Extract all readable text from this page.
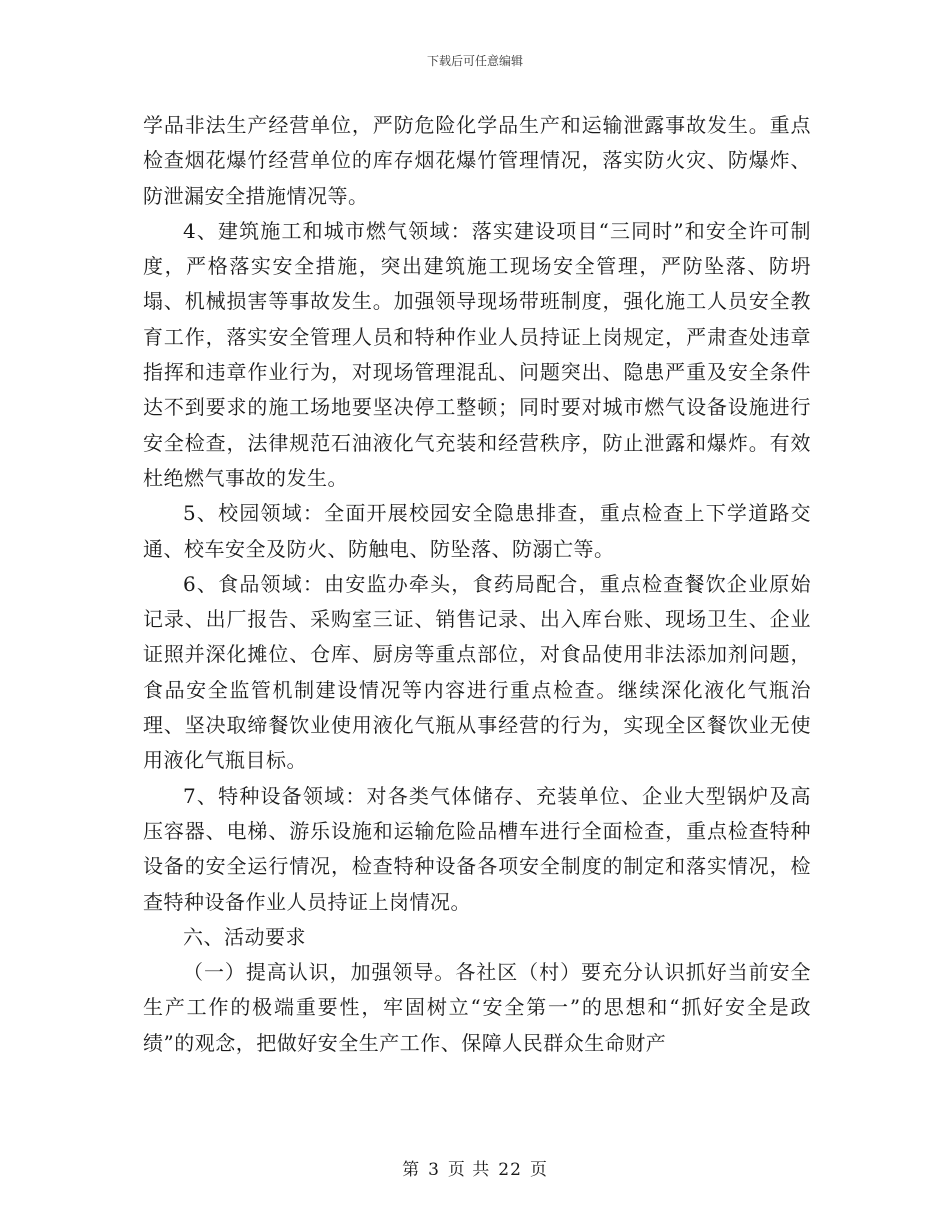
下载后可任意编辑

学品非法生产经营单位，严防危险化学品生产和运输泄露事故发生。重点检查烟花爆竹经营单位的库存烟花爆竹管理情况，落实防火灾、防爆炸、防泄漏安全措施情况等。

4、建筑施工和城市燃气领域：落实建设项目“三同时”和安全许可制度，严格落实安全措施，突出建筑施工现场安全管理，严防坠落、防坍塌、机械损害等事故发生。加强领导现场带班制度，强化施工人员安全教育工作，落实安全管理人员和特种作业人员持证上岗规定，严肃查处违章指挥和违章作业行为，对现场管理混乱、问题突出、隐患严重及安全条件达不到要求的施工场地要坚决停工整顿；同时要对城市燃气设备设施进行安全检查，法律规范石油液化气充装和经营秩序，防止泄露和爆炸。有效杜绝燃气事故的发生。

5、校园领域：全面开展校园安全隐患排查，重点检查上下学道路交通、校车安全及防火、防触电、防坠落、防溺亡等。

6、食品领域：由安监办牵头，食药局配合，重点检查餐饮企业原始记录、出厂报告、采购室三证、销售记录、出入库台账、现场卫生、企业证照并深化摊位、仓库、厨房等重点部位，对食品使用非法添加剂问题，食品安全监管机制建设情况等内容进行重点检查。继续深化液化气瓶治理、坚决取缔餐饮业使用液化气瓶从事经营的行为，实现全区餐饮业无使用液化气瓶目标。

7、特种设备领域：对各类气体储存、充装单位、企业大型锅炉及高压容器、电梯、游乐设施和运输危险品槽车进行全面检查，重点检查特种设备的安全运行情况，检查特种设备各项安全制度的制定和落实情况，检查特种设备作业人员持证上岗情况。

六、活动要求

（一）提高认识，加强领导。各社区（村）要充分认识抓好当前安全生产工作的极端重要性，牢固树立“安全第一”的思想和“抓好安全是政绩”的观念，把做好安全生产工作、保障人民群众生命财产

第 3 页 共 22 页
